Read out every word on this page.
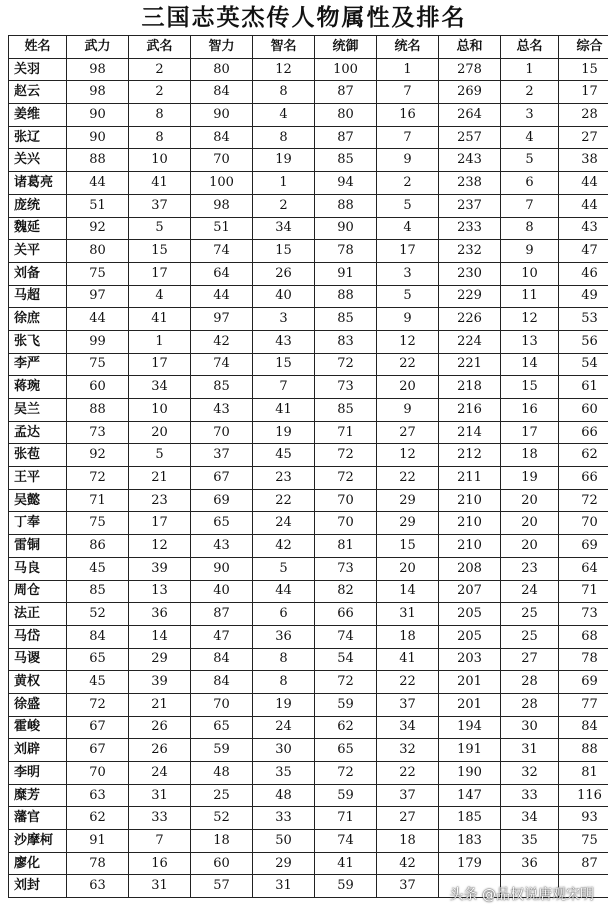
三国志英杰传人物属性及排名
姓名	武力	武名	智力	智名	统御	统名	总和	总名	综合
关羽	98	2	80	12	100	1	278	1	15
赵云	98	2	84	8	87	7	269	2	17
姜维	90	8	90	4	80	16	264	3	28
张辽	90	8	84	8	87	7	257	4	27
关兴	88	10	70	19	85	9	243	5	38
诸葛亮	44	41	100	1	94	2	238	6	44
庞统	51	37	98	2	88	5	237	7	44
魏延	92	5	51	34	90	4	233	8	43
关平	80	15	74	15	78	17	232	9	47
刘备	75	17	64	26	91	3	230	10	46
马超	97	4	44	40	88	5	229	11	49
徐庶	44	41	97	3	85	9	226	12	53
张飞	99	1	42	43	83	12	224	13	56
李严	75	17	74	15	72	22	221	14	54
蒋琬	60	34	85	7	73	20	218	15	61
吴兰	88	10	43	41	85	9	216	16	60
孟达	73	20	70	19	71	27	214	17	66
张苞	92	5	37	45	72	12	212	18	62
王平	72	21	67	23	72	22	211	19	66
吴懿	71	23	69	22	70	29	210	20	72
丁奉	75	17	65	24	70	29	210	20	70
雷铜	86	12	43	42	81	15	210	20	69
马良	45	39	90	5	73	20	208	23	64
周仓	85	13	40	44	82	14	207	24	71
法正	52	36	87	6	66	31	205	25	73
马岱	84	14	47	36	74	18	205	25	68
马谡	65	29	84	8	54	41	203	27	78
黄权	45	39	84	8	72	22	201	28	69
徐盛	72	21	70	19	59	37	201	28	77
霍峻	67	26	65	24	62	34	194	30	84
刘辟	67	26	59	30	65	32	191	31	88
李明	70	24	48	35	72	22	190	32	81
糜芳	63	31	25	48	59	37	147	33	116
藩官	62	33	52	33	71	27	185	34	93
沙摩柯	91	7	18	50	74	18	183	35	75
廖化	78	16	60	29	41	42	179	36	87
刘封	63	31	57	31	59	37			
头条 @品权说唐观宋明
